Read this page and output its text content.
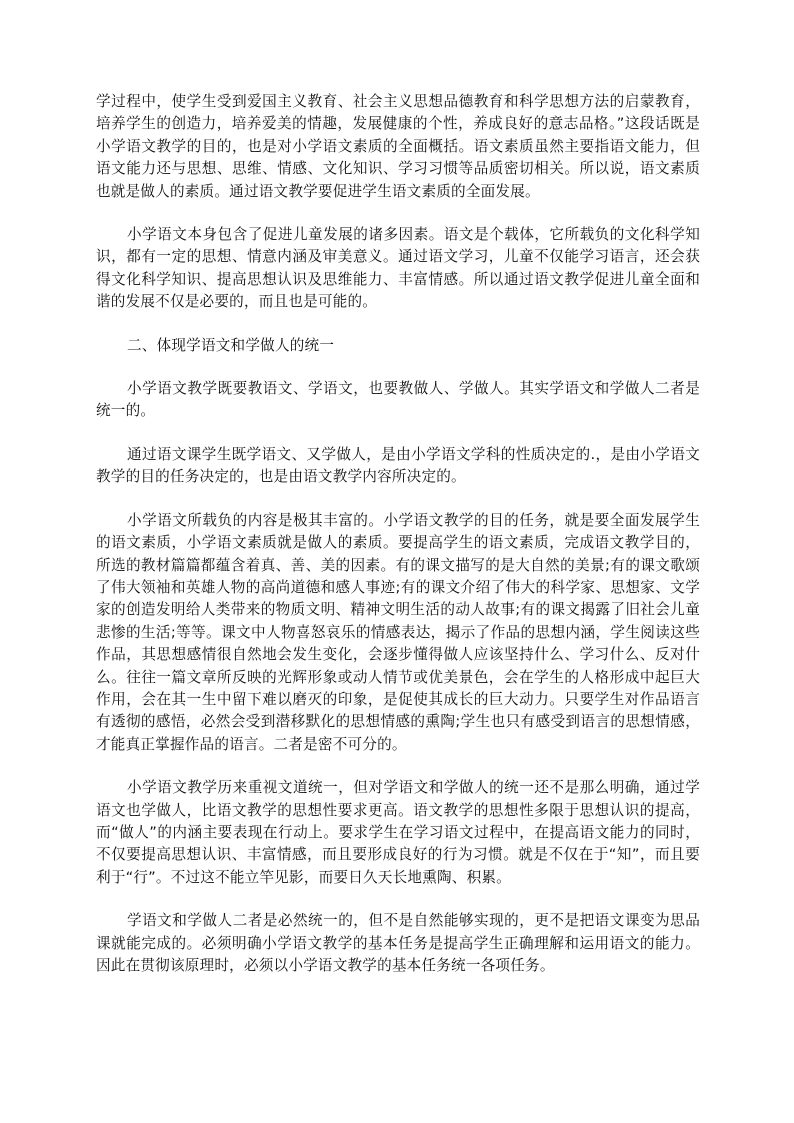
学过程中，使学生受到爱国主义教育、社会主义思想品德教育和科学思想方法的启蒙教育，培养学生的创造力，培养爱美的情趣，发展健康的个性，养成良好的意志品格。”这段话既是小学语文教学的目的，也是对小学语文素质的全面概括。语文素质虽然主要指语文能力，但语文能力还与思想、思维、情感、文化知识、学习习惯等品质密切相关。所以说，语文素质也就是做人的素质。通过语文教学要促进学生语文素质的全面发展。

小学语文本身包含了促进儿童发展的诸多因素。语文是个载体，它所载负的文化科学知识，都有一定的思想、情意内涵及审美意义。通过语文学习，儿童不仅能学习语言，还会获得文化科学知识、提高思想认识及思维能力、丰富情感。所以通过语文教学促进儿童全面和谐的发展不仅是必要的，而且也是可能的。

二、体现学语文和学做人的统一

小学语文教学既要教语文、学语文，也要教做人、学做人。其实学语文和学做人二者是统一的。

通过语文课学生既学语文、又学做人，是由小学语文学科的性质决定的.，是由小学语文教学的目的任务决定的，也是由语文教学内容所决定的。

小学语文所载负的内容是极其丰富的。小学语文教学的目的任务，就是要全面发展学生的语文素质，小学语文素质就是做人的素质。要提高学生的语文素质，完成语文教学目的，所选的教材篇篇都蕴含着真、善、美的因素。有的课文描写的是大自然的美景;有的课文歌颂了伟大领袖和英雄人物的高尚道德和感人事迹;有的课文介绍了伟大的科学家、思想家、文学家的创造发明给人类带来的物质文明、精神文明生活的动人故事;有的课文揭露了旧社会儿童悲惨的生活;等等。课文中人物喜怒哀乐的情感表达，揭示了作品的思想内涵，学生阅读这些作品，其思想感情很自然地会发生变化，会逐步懂得做人应该坚持什么、学习什么、反对什么。往往一篇文章所反映的光辉形象或动人情节或优美景色，会在学生的人格形成中起巨大作用，会在其一生中留下难以磨灭的印象，是促使其成长的巨大动力。只要学生对作品语言有透彻的感悟，必然会受到潜移默化的思想情感的熏陶;学生也只有感受到语言的思想情感，才能真正掌握作品的语言。二者是密不可分的。

小学语文教学历来重视文道统一，但对学语文和学做人的统一还不是那么明确，通过学语文也学做人，比语文教学的思想性要求更高。语文教学的思想性多限于思想认识的提高，而“做人”的内涵主要表现在行动上。要求学生在学习语文过程中，在提高语文能力的同时，不仅要提高思想认识、丰富情感，而且要形成良好的行为习惯。就是不仅在于“知”，而且要利于“行”。不过这不能立竿见影，而要日久天长地熏陶、积累。

学语文和学做人二者是必然统一的，但不是自然能够实现的，更不是把语文课变为思品课就能完成的。必须明确小学语文教学的基本任务是提高学生正确理解和运用语文的能力。因此在贯彻该原理时，必须以小学语文教学的基本任务统一各项任务。
